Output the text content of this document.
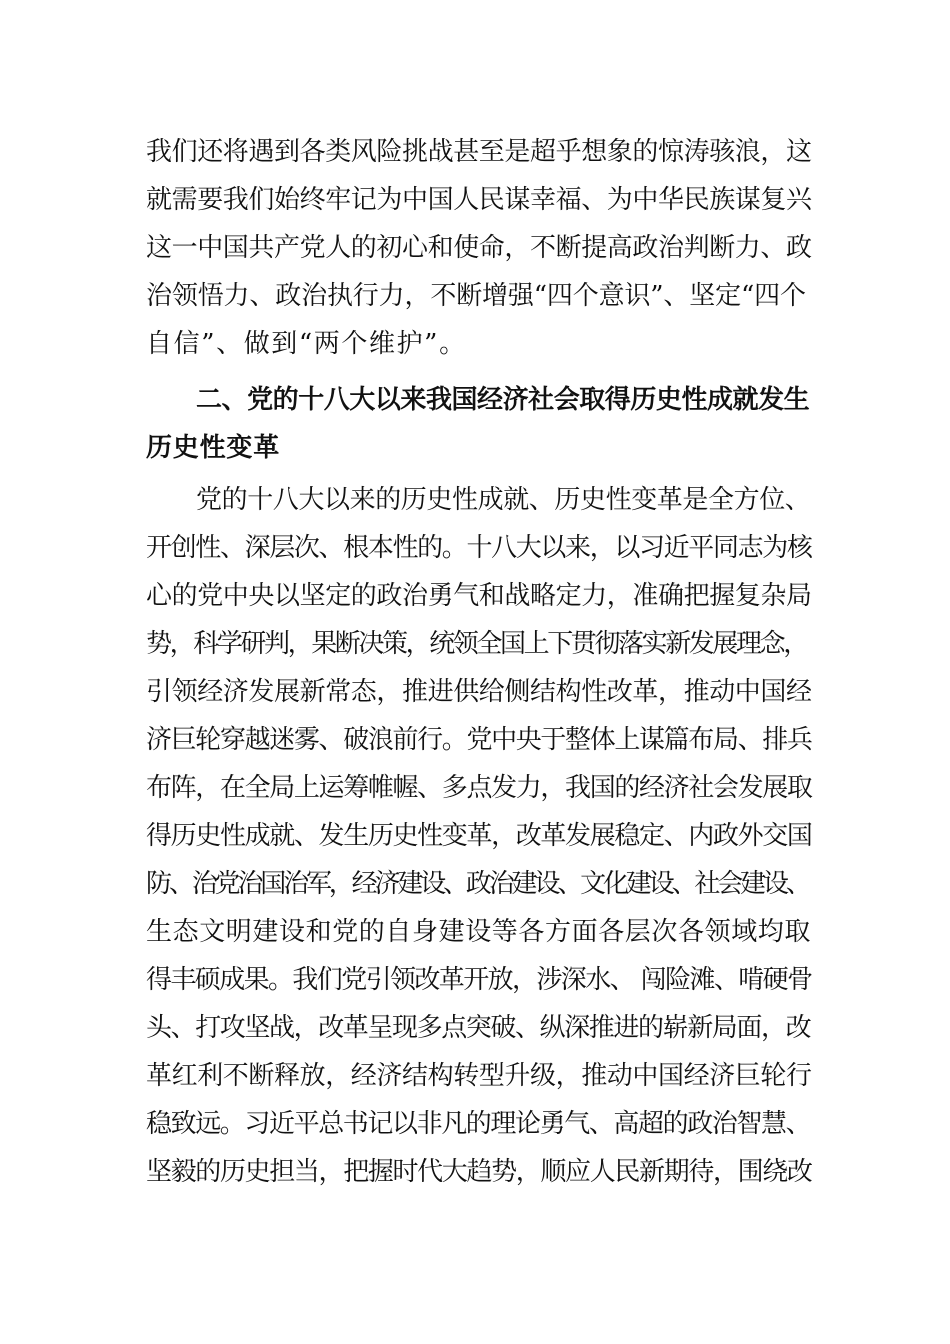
我们还将遇到各类风险挑战甚至是超乎想象的惊涛骇浪，这
就需要我们始终牢记为中国人民谋幸福、为中华民族谋复兴
这一中国共产党人的初心和使命，不断提高政治判断力、政
治领悟力、政治执行力，不断增强“四个意识”、坚定“四个
自信”、做到“两个维护”。
二、党的十八大以来我国经济社会取得历史性成就发生
历史性变革
党的十八大以来的历史性成就、历史性变革是全方位、
开创性、深层次、根本性的。十八大以来，以习近平同志为核
心的党中央以坚定的政治勇气和战略定力，准确把握复杂局
势，科学研判，果断决策，统领全国上下贯彻落实新发展理念，
引领经济发展新常态，推进供给侧结构性改革，推动中国经
济巨轮穿越迷雾、破浪前行。党中央于整体上谋篇布局、排兵
布阵，在全局上运筹帷幄、多点发力，我国的经济社会发展取
得历史性成就、发生历史性变革，改革发展稳定、内政外交国
防、治党治国治军，经济建设、政治建设、文化建设、社会建设、
生态文明建设和党的自身建设等各方面各层次各领域均取
得丰硕成果。我们党引领改革开放，涉深水、 闯险滩、啃硬骨
头、打攻坚战，改革呈现多点突破、纵深推进的崭新局面，改
革红利不断释放，经济结构转型升级，推动中国经济巨轮行
稳致远。习近平总书记以非凡的理论勇气、高超的政治智慧、
坚毅的历史担当，把握时代大趋势，顺应人民新期待，围绕改
